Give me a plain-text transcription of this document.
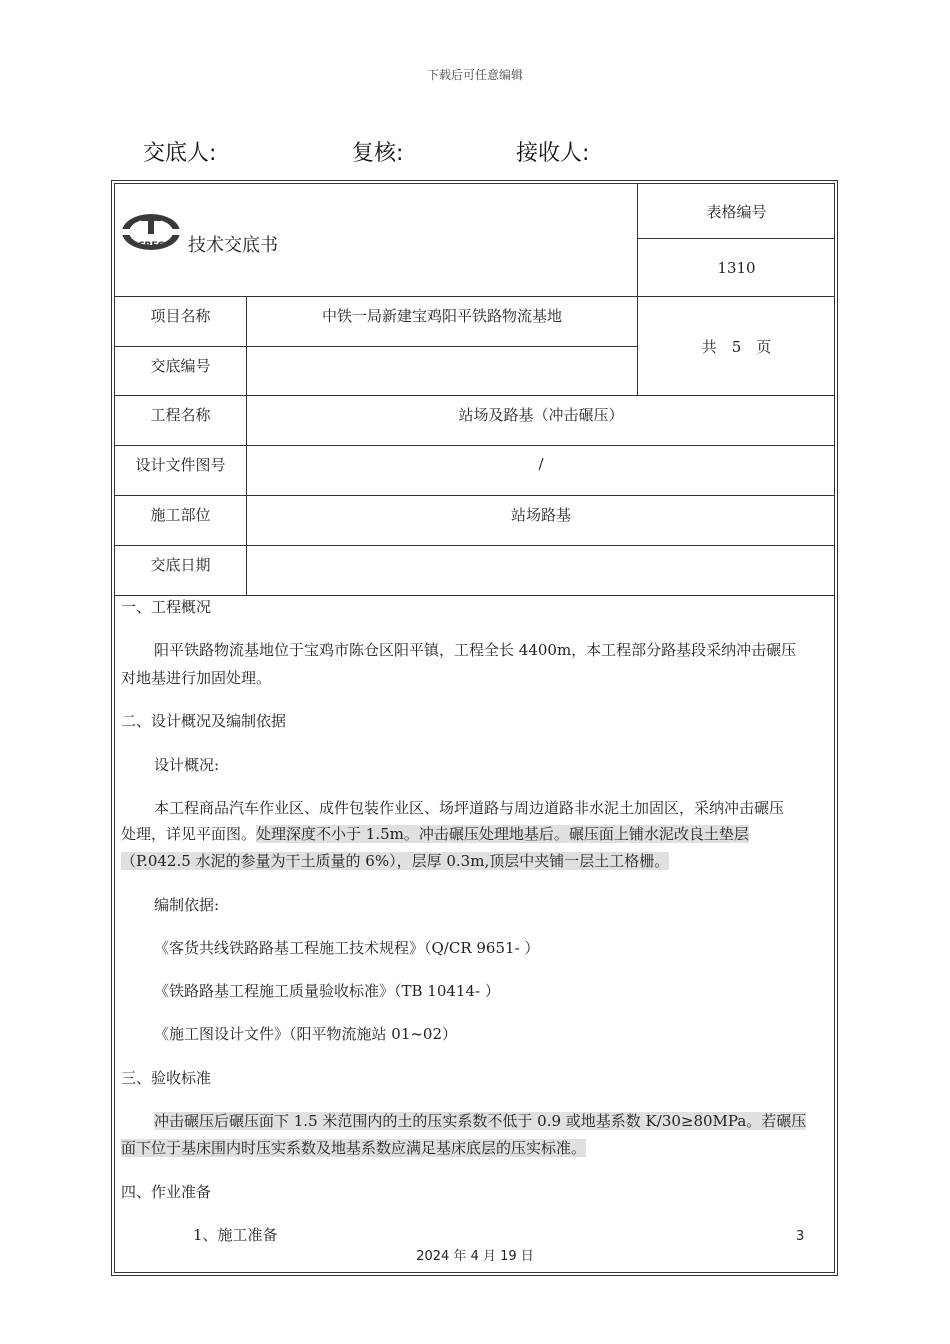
下载后可任意编辑
交底人:	复核:	接收人:
CREC 技术交底书
表格编号
1310
共　5　页
项目名称	中铁一局新建宝鸡阳平铁路物流基地
交底编号
工程名称	站场及路基（冲击碾压）
设计文件图号	/
施工部位	站场路基
交底日期
一、工程概况
阳平铁路物流基地位于宝鸡市陈仓区阳平镇，工程全长 4400m，本工程部分路基段采纳冲击碾压
对地基进行加固处理。
二、设计概况及编制依据
设计概况:
本工程商品汽车作业区、成件包装作业区、场坪道路与周边道路非水泥土加固区，采纳冲击碾压
处理，详见平面图。处理深度不小于 1.5m。冲击碾压处理地基后。碾压面上铺水泥改良土垫层
（P.042.5 水泥的参量为干土质量的 6%），层厚 0.3m,顶层中夹铺一层土工格栅。
编制依据:
《客货共线铁路路基工程施工技术规程》（Q/CR 9651- ）
《铁路路基工程施工质量验收标准》（TB 10414- ）
《施工图设计文件》（阳平物流施站 01~02）
三、验收标准
冲击碾压后碾压面下 1.5 米范围内的土的压实系数不低于 0.9 或地基系数 K/30≥80MPa。若碾压
面下位于基床围内时压实系数及地基系数应满足基床底层的压实标准。
四、作业准备
1、施工准备	3
2024 年 4 月 19 日
